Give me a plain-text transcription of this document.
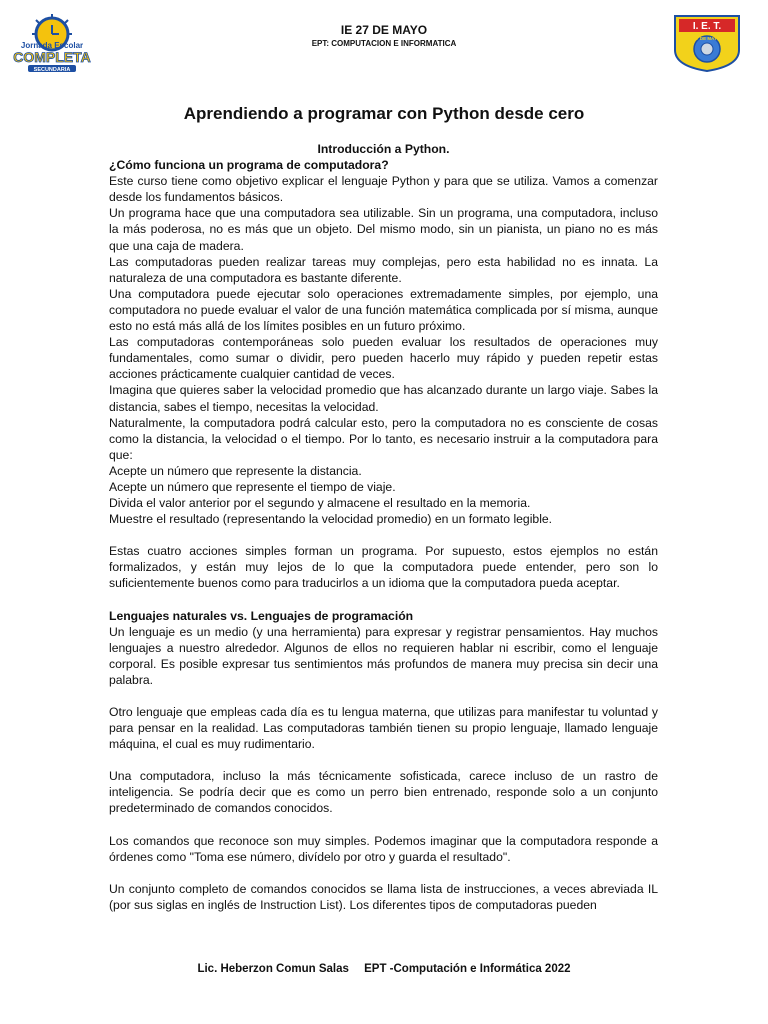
Jornada Escolar
COMPLETA
SECUNDARIA
IE 27 DE MAYO
EPT: COMPUTACION E INFORMATICA
I. E. T.
27 DE MAYO
Aprendiendo a programar con Python desde cero

Introducción a Python.

¿Cómo funciona un programa de computadora?

Este curso tiene como objetivo explicar el lenguaje Python y para que se utiliza. Vamos a comenzar desde los fundamentos básicos.

Un programa hace que una computadora sea utilizable. Sin un programa, una computadora, incluso la más poderosa, no es más que un objeto. Del mismo modo, sin un pianista, un piano no es más que una caja de madera.

Las computadoras pueden realizar tareas muy complejas, pero esta habilidad no es innata. La naturaleza de una computadora es bastante diferente.

Una computadora puede ejecutar solo operaciones extremadamente simples, por ejemplo, una computadora no puede evaluar el valor de una función matemática complicada por sí misma, aunque esto no está más allá de los límites posibles en un futuro próximo.

Las computadoras contemporáneas solo pueden evaluar los resultados de operaciones muy fundamentales, como sumar o dividir, pero pueden hacerlo muy rápido y pueden repetir estas acciones prácticamente cualquier cantidad de veces.

Imagina que quieres saber la velocidad promedio que has alcanzado durante un largo viaje. Sabes la distancia, sabes el tiempo, necesitas la velocidad.

Naturalmente, la computadora podrá calcular esto, pero la computadora no es consciente de cosas como la distancia, la velocidad o el tiempo. Por lo tanto, es necesario instruir a la computadora para que:

Acepte un número que represente la distancia.

Acepte un número que represente el tiempo de viaje.

Divida el valor anterior por el segundo y almacene el resultado en la memoria.

Muestre el resultado (representando la velocidad promedio) en un formato legible.

Estas cuatro acciones simples forman un programa. Por supuesto, estos ejemplos no están formalizados, y están muy lejos de lo que la computadora puede entender, pero son lo suficientemente buenos como para traducirlos a un idioma que la computadora pueda aceptar.

Lenguajes naturales vs. Lenguajes de programación

Un lenguaje es un medio (y una herramienta) para expresar y registrar pensamientos. Hay muchos lenguajes a nuestro alrededor. Algunos de ellos no requieren hablar ni escribir, como el lenguaje corporal. Es posible expresar tus sentimientos más profundos de manera muy precisa sin decir una palabra.

Otro lenguaje que empleas cada día es tu lengua materna, que utilizas para manifestar tu voluntad y para pensar en la realidad. Las computadoras también tienen su propio lenguaje, llamado lenguaje máquina, el cual es muy rudimentario.

Una computadora, incluso la más técnicamente sofisticada, carece incluso de un rastro de inteligencia. Se podría decir que es como un perro bien entrenado, responde solo a un conjunto predeterminado de comandos conocidos.

Los comandos que reconoce son muy simples. Podemos imaginar que la computadora responde a órdenes como "Toma ese número, divídelo por otro y guarda el resultado".

Un conjunto completo de comandos conocidos se llama lista de instrucciones, a veces abreviada IL (por sus siglas en inglés de Instruction List). Los diferentes tipos de computadoras pueden

Lic. Heberzon Comun Salas EPT -Computación e Informática 2022
